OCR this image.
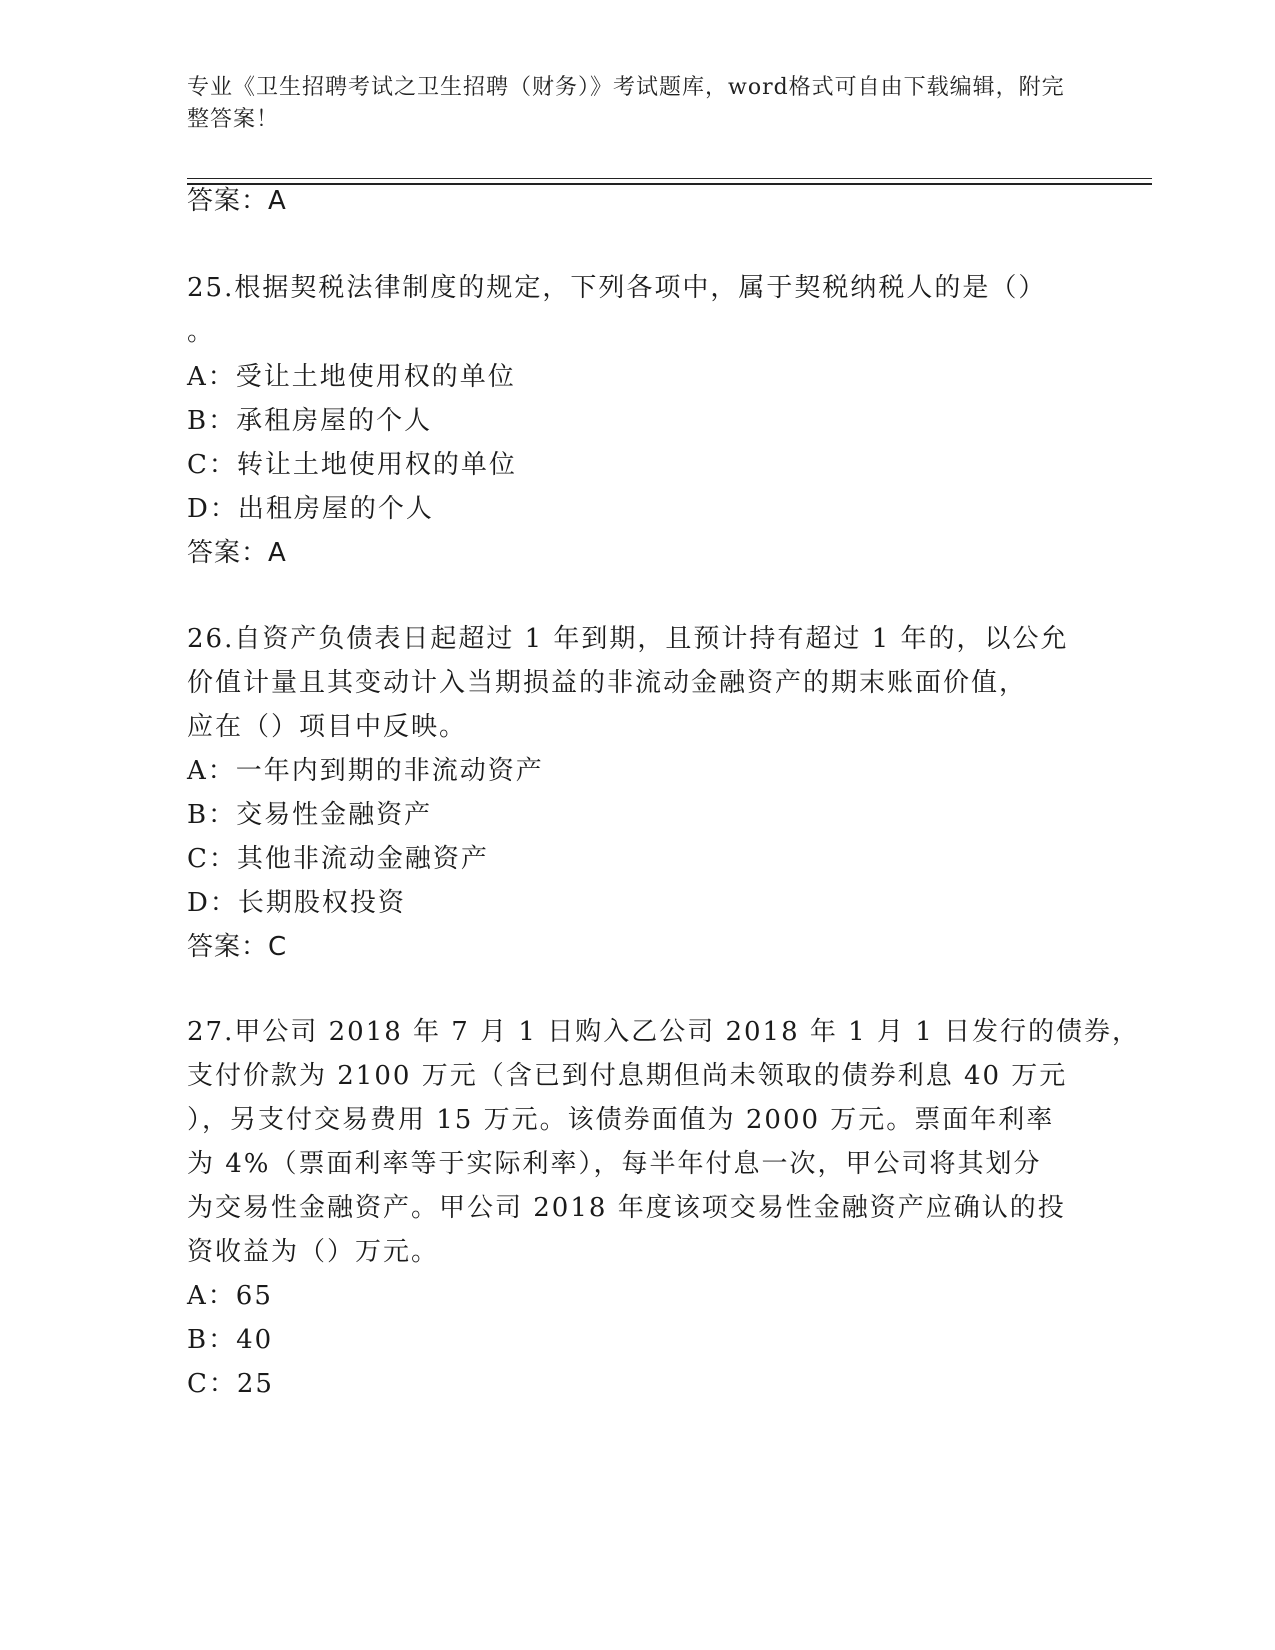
专业《卫生招聘考试之卫生招聘（财务）》考试题库，word格式可自由下载编辑，附完整答案！
答案：A
25.根据契税法律制度的规定，下列各项中，属于契税纳税人的是（）
。
A：受让土地使用权的单位
B：承租房屋的个人
C：转让土地使用权的单位
D：出租房屋的个人
答案：A
26.自资产负债表日起超过 1 年到期，且预计持有超过 1 年的，以公允
价值计量且其变动计入当期损益的非流动金融资产的期末账面价值，
应在（）项目中反映。
A：一年内到期的非流动资产
B：交易性金融资产
C：其他非流动金融资产
D：长期股权投资
答案：C
27.甲公司 2018 年 7 月 1 日购入乙公司 2018 年 1 月 1 日发行的债券，
支付价款为 2100 万元（含已到付息期但尚未领取的债券利息 40 万元
），另支付交易费用 15 万元。该债券面值为 2000 万元。票面年利率
为 4%（票面利率等于实际利率），每半年付息一次，甲公司将其划分
为交易性金融资产。甲公司 2018 年度该项交易性金融资产应确认的投
资收益为（）万元。
A：65
B：40
C：25
